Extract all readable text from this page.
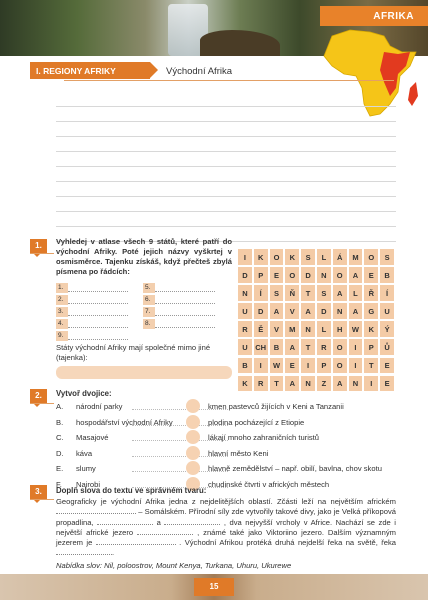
AFRIKA
I. REGIONY AFRIKY	Východní Afrika
1.	Vyhledej v atlase všech 9 států, které patří do východní Afriky. Poté jejich názvy vyškrtej v osmisměrce. Tajenku získáš, když přečteš zbylá písmena po řádcích:
1.	5.
2.	6.
3.	7.
4.	8.
9.
Státy východní Afriky mají společné mimo jiné (tajenka):
I	K	O	K	S	L	Á	M	O	S
D	P	E	O	D	N	O	A	E	B
N	Í	S	Ň	T	S	A	L	Ř	Í
U	D	A	V	A	D	N	A	G	U
R	Ě	V	M	N	L	H	W	K	Ý
U	CH	B	A	T	R	O	I	P	Ů
B	I	W	E	I	P	O	I	T	E
K	R	T	A	N	Z	A	N	I	E
2.	Vytvoř dvojice:
A.	národní parky	kmen pastevců žijících v Keni a Tanzanii
B.	hospodářství východní Afriky	plodina pocházející z Etiopie
C.	Masajové	lákají mnoho zahraničních turistů
D.	káva	hlavní město Keni
E.	slumy	hlavně zemědělství – např. obilí, bavlna, chov skotu
F.	Nairobi	chudinské čtvrti v afrických městech
3.	Doplň slova do textu ve správném tvaru:
Geograficky je východní Afrika jedna z nejdelitějších oblastí. Zčásti leží na největším africkém  – Somálském. Přírodní síly zde vytvořily takové divy, jako je Velká příkopová propadlina,	a	, dva nejvyšší vrcholy v Africe. Nachází se zde i největší africké jezero	, známé také jako Viktoriino jezero. Dalším významným jezerem je	. Východní Afrikou protéká druhá nejdelší řeka na světě, řeka .
Nabídka slov: Nil, poloostrov, Mount Kenya, Turkana, Uhuru, Ukurewe
15
